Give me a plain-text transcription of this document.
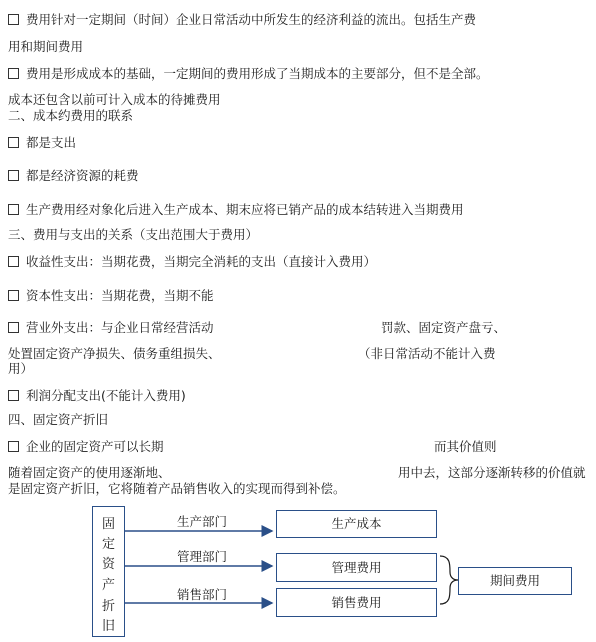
费用针对一定期间（时间）企业日常活动中所发生的经济利益的流出。包括生产费
用和期间费用
费用是形成成本的基础，一定期间的费用形成了当期成本的主要部分，但不是全部。
成本还包含以前可计入成本的待摊费用
二、成本约费用的联系
都是支出
都是经济资源的耗费
生产费用经对象化后进入生产成本、期末应将已销产品的成本结转进入当期费用
三、费用与支出的关系（支出范围大于费用）
收益性支出：当期花费，当期完全消耗的支出（直接计入费用）
资本性支出：当期花费，当期不能
营业外支出：与企业日常经营活动	罚款、固定资产盘亏、
处置固定资产净损失、债务重组损失、	（非日常活动不能计入费
用）
利润分配支出(不能计入费用)
四、固定资产折旧
企业的固定资产可以长期	而其价值则
随着固定资产的使用逐渐地、	用中去，这部分逐渐转移的价值就
是固定资产折旧，它将随着产品销售收入的实现而得到补偿。
固
定
资
产
折
旧
生产部门
管理部门
销售部门
生产成本
管理费用
销售费用
期间费用
